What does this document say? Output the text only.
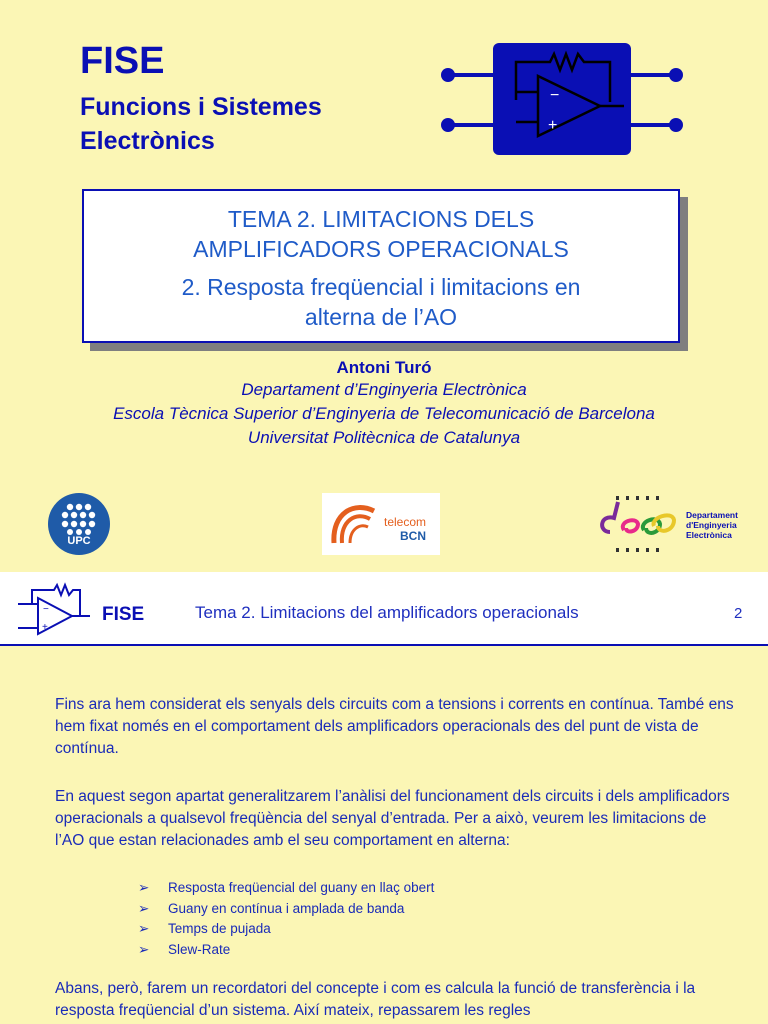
FISE
Funcions i Sistemes
Electrònics
−
+
TEMA 2. LIMITACIONS DELS
AMPLIFICADORS OPERACIONALS
2. Resposta freqüencial i limitacions en
alterna de l’AO
Antoni Turó
Departament d’Enginyeria Electrònica
Escola Tècnica Superior d’Enginyeria de Telecomunicació de Barcelona
Universitat Politècnica de Catalunya
UPC
telecom
BCN
Departament
d'Enginyeria
Electrònica
−
+
FISE	Tema 2. Limitacions del amplificadors operacionals	2
Fins ara hem considerat els senyals dels circuits com a tensions i corrents en contínua. També ens hem fixat només en el comportament dels amplificadors operacionals des del punt de vista de contínua.
En aquest segon apartat generalitzarem l’anàlisi del funcionament dels circuits i dels amplificadors operacionals a qualsevol freqüència del senyal d’entrada. Per a això, veurem les limitacions de l’AO que estan relacionades amb el seu comportament en alterna:
➢ Resposta freqüencial del guany en llaç obert
➢ Guany en contínua i amplada de banda
➢ Temps de pujada
➢ Slew-Rate
Abans, però, farem un recordatori del concepte i com es calcula la funció de transferència i la resposta freqüencial d’un sistema. Així mateix, repassarem les regles
